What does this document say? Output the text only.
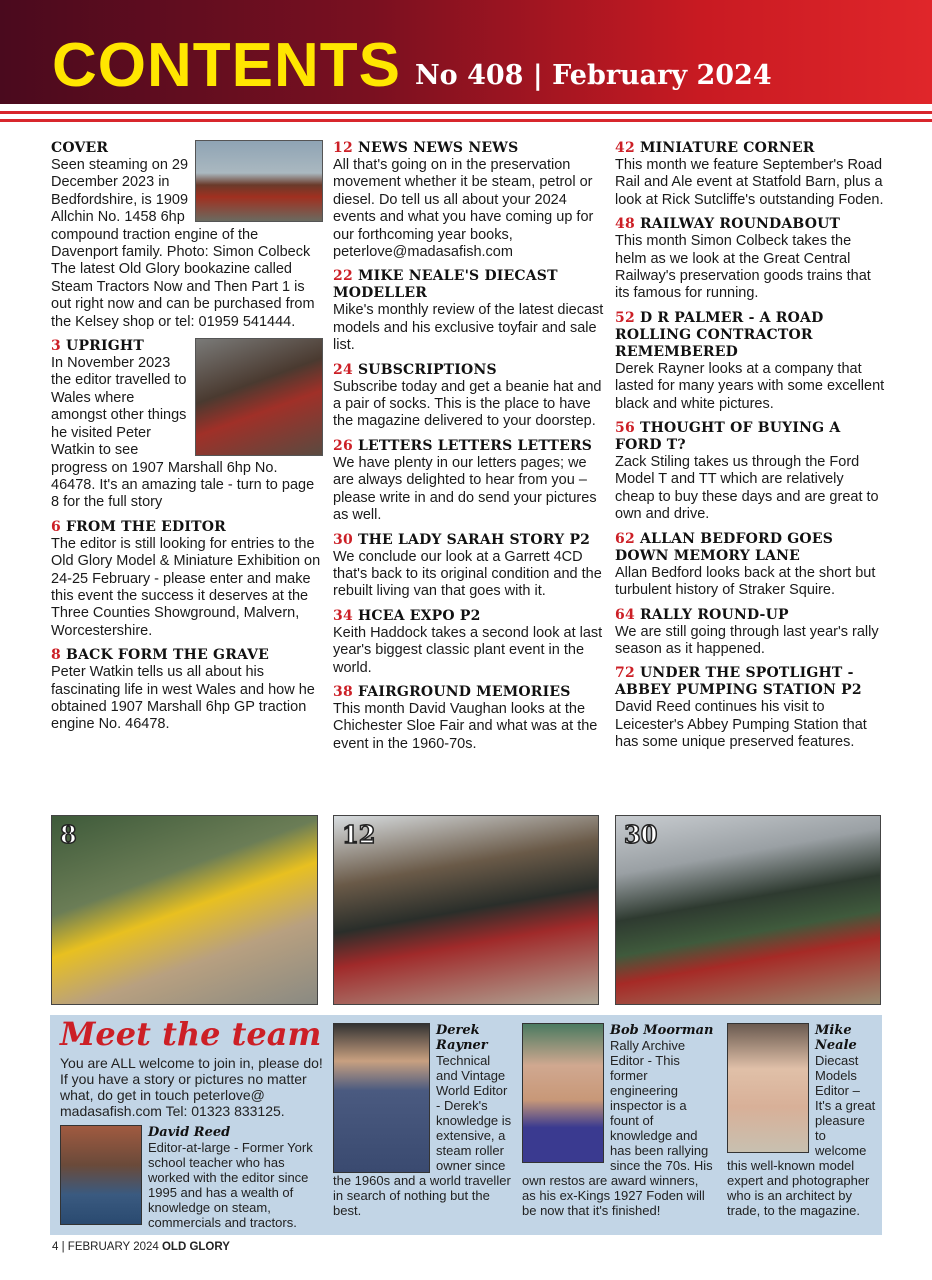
CONTENTS No 408 | February 2024
COVER
Seen steaming on 29 December 2023 in Bedfordshire, is 1909 Allchin No. 1458 6hp compound traction engine of the Davenport family. Photo: Simon Colbeck The latest Old Glory bookazine called Steam Tractors Now and Then Part 1 is out right now and can be purchased from the Kelsey shop or tel: 01959 541444.
3 UPRIGHT
In November 2023 the editor travelled to Wales where amongst other things he visited Peter Watkin to see progress on 1907 Marshall 6hp No. 46478. It's an amazing tale - turn to page 8 for the full story
6 FROM THE EDITOR
The editor is still looking for entries to the Old Glory Model & Miniature Exhibition on 24-25 February - please enter and make this event the success it deserves at the Three Counties Showground, Malvern, Worcestershire.
8 BACK FORM THE GRAVE
Peter Watkin tells us all about his fascinating life in west Wales and how he obtained 1907 Marshall 6hp GP traction engine No. 46478.
12 NEWS NEWS NEWS
All that's going on in the preservation movement whether it be steam, petrol or diesel. Do tell us all about your 2024 events and what you have coming up for our forthcoming year books, peterlove@madasafish.com
22 MIKE NEALE'S DIECAST MODELLER
Mike's monthly review of the latest diecast models and his exclusive toyfair and sale list.
24 SUBSCRIPTIONS
Subscribe today and get a beanie hat and a pair of socks. This is the place to have the magazine delivered to your doorstep.
26 LETTERS LETTERS LETTERS
We have plenty in our letters pages; we are always delighted to hear from you – please write in and do send your pictures as well.
30 THE LADY SARAH STORY P2
We conclude our look at a Garrett 4CD that's back to its original condition and the rebuilt living van that goes with it.
34 HCEA EXPO P2
Keith Haddock takes a second look at last year's biggest classic plant event in the world.
38 FAIRGROUND MEMORIES
This month David Vaughan looks at the Chichester Sloe Fair and what was at the event in the 1960-70s.
42 MINIATURE CORNER
This month we feature September's Road Rail and Ale event at Statfold Barn, plus a look at Rick Sutcliffe's outstanding Foden.
48 RAILWAY ROUNDABOUT
This month Simon Colbeck takes the helm as we look at the Great Central Railway's preservation goods trains that its famous for running.
52 D R PALMER - A ROAD ROLLING CONTRACTOR REMEMBERED
Derek Rayner looks at a company that lasted for many years with some excellent black and white pictures.
56 THOUGHT OF BUYING A FORD T?
Zack Stiling takes us through the Ford Model T and TT which are relatively cheap to buy these days and are great to own and drive.
62 ALLAN BEDFORD GOES DOWN MEMORY LANE
Allan Bedford looks back at the short but turbulent history of Straker Squire.
64 RALLY ROUND-UP
We are still going through last year's rally season as it happened.
72 UNDER THE SPOTLIGHT - ABBEY PUMPING STATION P2
David Reed continues his visit to Leicester's Abbey Pumping Station that has some unique preserved features.
8	12	30
Meet the team
You are ALL welcome to join in, please do! If you have a story or pictures no matter what, do get in touch peterlove@ madasafish.com Tel: 01323 833125.
David Reed
Editor-at-large - Former York school teacher who has worked with the editor since 1995 and has a wealth of knowledge on steam, commercials and tractors.
Derek Rayner
Technical and Vintage World Editor - Derek's knowledge is extensive, a steam roller owner since the 1960s and a world traveller in search of nothing but the best.
Bob Moorman
Rally Archive Editor - This former engineering inspector is a fount of knowledge and has been rallying since the 70s. His own restos are award winners, as his ex-Kings 1927 Foden will be now that it's finished!
Mike Neale
Diecast Models Editor – It's a great pleasure to welcome this well-known model expert and photographer who is an architect by trade, to the magazine.
4 | FEBRUARY 2024 OLD GLORY
